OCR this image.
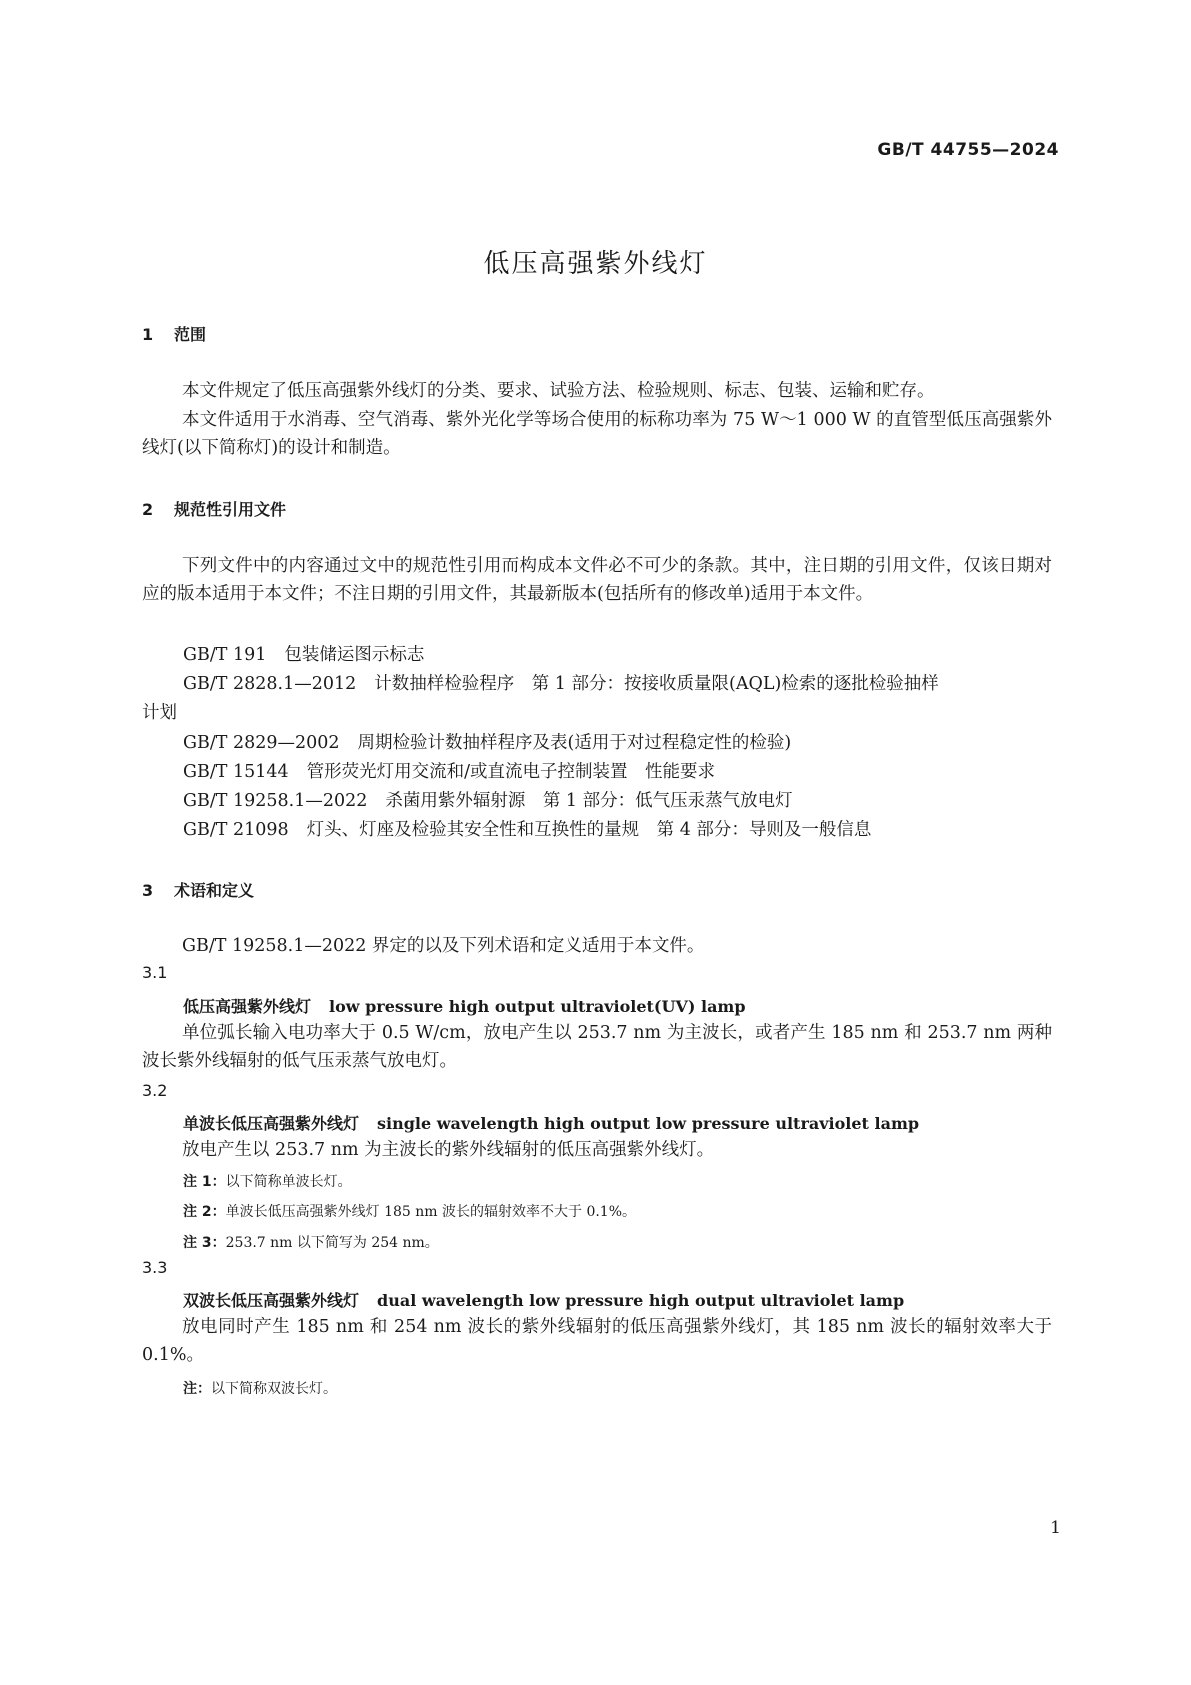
GB/T 44755—2024
低压高强紫外线灯
1 范围
本文件规定了低压高强紫外线灯的分类、要求、试验方法、检验规则、标志、包装、运输和贮存。
本文件适用于水消毒、空气消毒、紫外光化学等场合使用的标称功率为 75 W～1 000 W 的直管型低压高强紫外线灯(以下简称灯)的设计和制造。
2 规范性引用文件
下列文件中的内容通过文中的规范性引用而构成本文件必不可少的条款。其中，注日期的引用文件，仅该日期对应的版本适用于本文件；不注日期的引用文件，其最新版本(包括所有的修改单)适用于本文件。
GB/T 191 包装储运图示标志
GB/T 2828.1—2012 计数抽样检验程序　第 1 部分：按接收质量限(AQL)检索的逐批检验抽样
计划
GB/T 2829—2002 周期检验计数抽样程序及表(适用于对过程稳定性的检验)
GB/T 15144 管形荧光灯用交流和/或直流电子控制装置　性能要求
GB/T 19258.1—2022 杀菌用紫外辐射源　第 1 部分：低气压汞蒸气放电灯
GB/T 21098 灯头、灯座及检验其安全性和互换性的量规　第 4 部分：导则及一般信息
3 术语和定义
GB/T 19258.1—2022 界定的以及下列术语和定义适用于本文件。
3.1
低压高强紫外线灯 low pressure high output ultraviolet(UV) lamp
单位弧长输入电功率大于 0.5 W/cm，放电产生以 253.7 nm 为主波长，或者产生 185 nm 和 253.7 nm 两种波长紫外线辐射的低气压汞蒸气放电灯。
3.2
单波长低压高强紫外线灯 single wavelength high output low pressure ultraviolet lamp
放电产生以 253.7 nm 为主波长的紫外线辐射的低压高强紫外线灯。
注 1：以下简称单波长灯。
注 2：单波长低压高强紫外线灯 185 nm 波长的辐射效率不大于 0.1%。
注 3：253.7 nm 以下简写为 254 nm。
3.3
双波长低压高强紫外线灯 dual wavelength low pressure high output ultraviolet lamp
放电同时产生 185 nm 和 254 nm 波长的紫外线辐射的低压高强紫外线灯，其 185 nm 波长的辐射效率大于 0.1%。
注：以下简称双波长灯。
1
